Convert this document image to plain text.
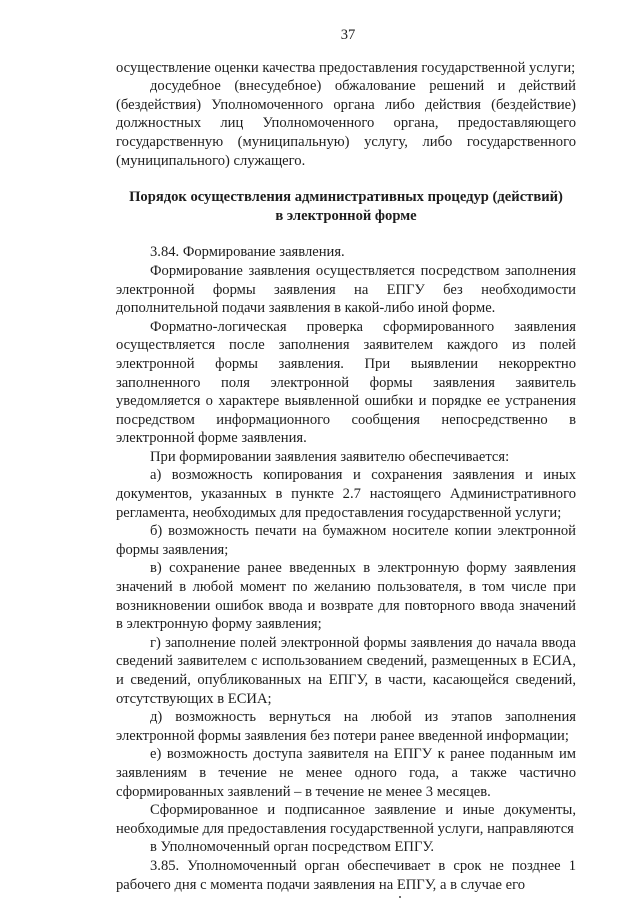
37

осуществление оценки качества предоставления государственной услуги;

досудебное (внесудебное) обжалование решений и действий (бездействия) Уполномоченного органа либо действия (бездействие) должностных лиц Уполномоченного органа, предоставляющего государственную (муниципальную) услугу, либо государственного (муниципального) служащего.

Порядок осуществления административных процедур (действий)
в электронной форме

3.84. Формирование заявления.

Формирование заявления осуществляется посредством заполнения электронной формы заявления на ЕПГУ без необходимости дополнительной подачи заявления в какой-либо иной форме.

Форматно-логическая проверка сформированного заявления осуществляется после заполнения заявителем каждого из полей электронной формы заявления. При выявлении некорректно заполненного поля электронной формы заявления заявитель уведомляется о характере выявленной ошибки и порядке ее устранения посредством информационного сообщения непосредственно в электронной форме заявления.

При формировании заявления заявителю обеспечивается:

а) возможность копирования и сохранения заявления и иных документов, указанных в пункте 2.7 настоящего Административного регламента, необходимых для предоставления государственной услуги;

б) возможность печати на бумажном носителе копии электронной формы заявления;

в) сохранение ранее введенных в электронную форму заявления значений в любой момент по желанию пользователя, в том числе при возникновении ошибок ввода и возврате для повторного ввода значений в электронную форму заявления;

г) заполнение полей электронной формы заявления до начала ввода сведений заявителем с использованием сведений, размещенных в ЕСИА, и сведений, опубликованных на ЕПГУ, в части, касающейся сведений, отсутствующих в ЕСИА;

д) возможность вернуться на любой из этапов заполнения электронной формы заявления без потери ранее введенной информации;

е) возможность доступа заявителя на ЕПГУ к ранее поданным им заявлениям в течение не менее одного года, а также частично сформированных заявлений – в течение не менее 3 месяцев.

Сформированное и подписанное заявление и иные документы, необходимые для предоставления государственной услуги, направляются

в Уполномоченный орган посредством ЕПГУ.

3.85. Уполномоченный орган обеспечивает в срок не позднее 1 рабочего дня с момента подачи заявления на ЕПГУ, а в случае его
